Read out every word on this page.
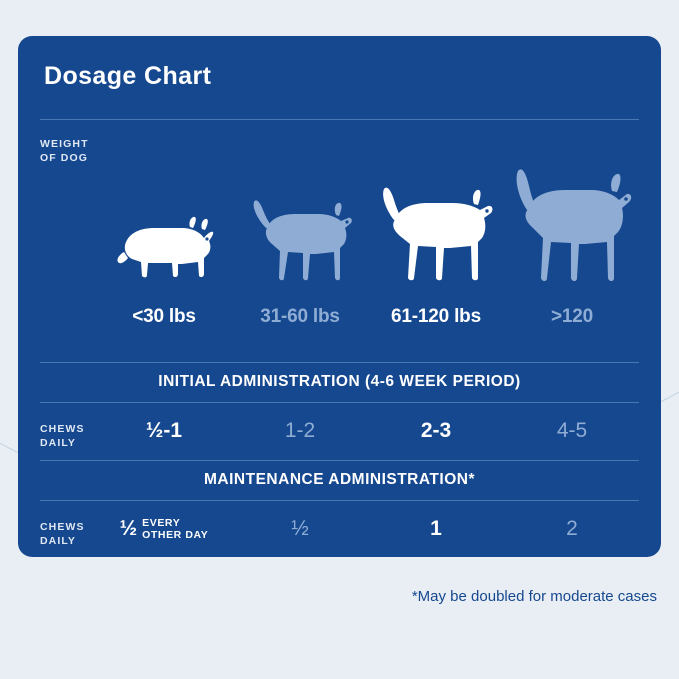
Dosage Chart
WEIGHT
OF DOG
<30 lbs	31-60 lbs	61-120 lbs	>120
INITIAL ADMINISTRATION (4-6 WEEK PERIOD)
CHEWS
DAILY
½-1	1-2	2-3	4-5
MAINTENANCE ADMINISTRATION*
CHEWS
DAILY
½ EVERY
OTHER DAY	½	1	2
*May be doubled for moderate cases
